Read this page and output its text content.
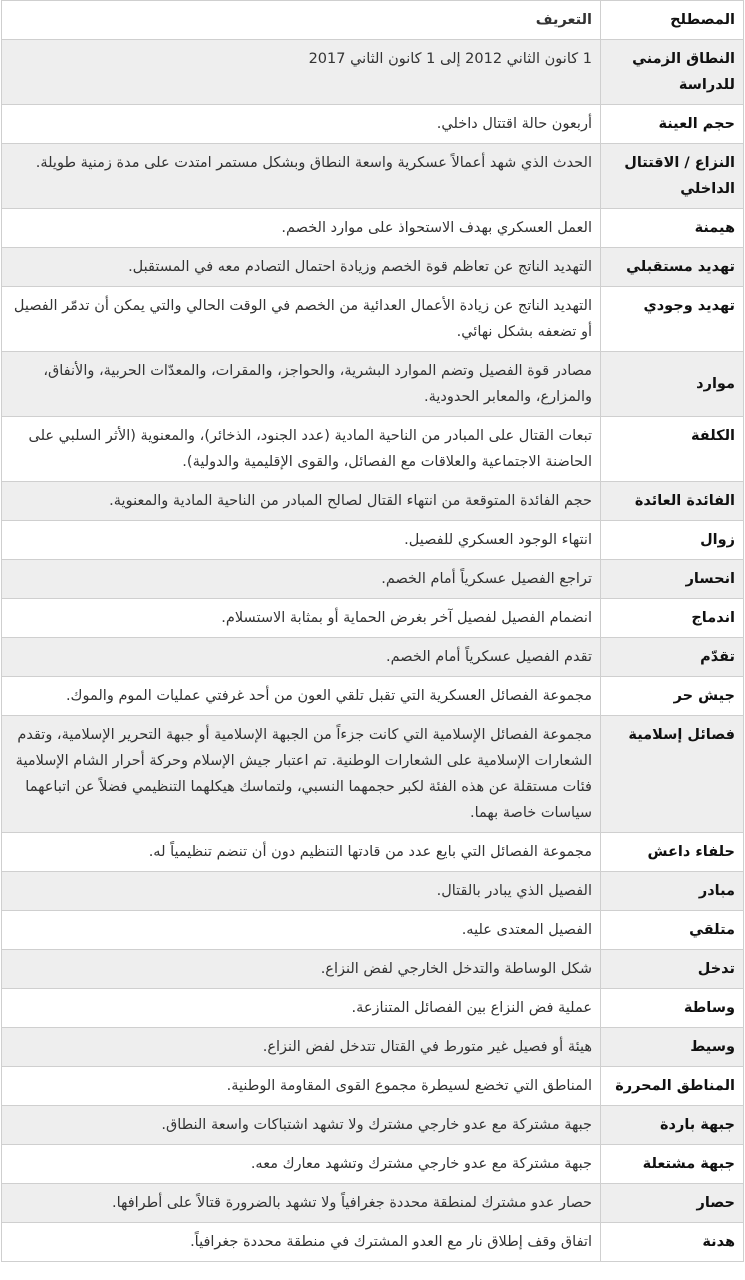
المصطلح	التعريف
النطاق الزمني للدراسة	1 كانون الثاني 2012 إلى 1 كانون الثاني 2017
حجم العينة	أربعون حالة اقتتال داخلي.
النزاع / الاقتتال الداخلي	الحدث الذي شهد أعمالاً عسكرية واسعة النطاق وبشكل مستمر امتدت على مدة زمنية طويلة.
هيمنة	العمل العسكري بهدف الاستحواذ على موارد الخصم.
تهديد مستقبلي	التهديد الناتج عن تعاظم قوة الخصم وزيادة احتمال التصادم معه في المستقبل.
تهديد وجودي	التهديد الناتج عن زيادة الأعمال العدائية من الخصم في الوقت الحالي والتي يمكن أن تدمّر الفصيل أو تضعفه بشكل نهائي.
موارد	مصادر قوة الفصيل وتضم الموارد البشرية، والحواجز، والمقرات، والمعدّات الحربية، والأنفاق، والمزارع، والمعابر الحدودية.
الكلفة	تبعات القتال على المبادر من الناحية المادية (عدد الجنود، الذخائر)، والمعنوية (الأثر السلبي على الحاضنة الاجتماعية والعلاقات مع الفصائل، والقوى الإقليمية والدولية).
الفائدة العائدة	حجم الفائدة المتوقعة من انتهاء القتال لصالح المبادر من الناحية المادية والمعنوية.
زوال	انتهاء الوجود العسكري للفصيل.
انحسار	تراجع الفصيل عسكرياً أمام الخصم.
اندماج	انضمام الفصيل لفصيل آخر بغرض الحماية أو بمثابة الاستسلام.
تقدّم	تقدم الفصيل عسكرياً أمام الخصم.
جيش حر	مجموعة الفصائل العسكرية التي تقبل تلقي العون من أحد غرفتي عمليات الموم والموك.
فصائل إسلامية	مجموعة الفصائل الإسلامية التي كانت جزءاً من الجبهة الإسلامية أو جبهة التحرير الإسلامية، وتقدم الشعارات الإسلامية على الشعارات الوطنية. تم اعتبار جيش الإسلام وحركة أحرار الشام الإسلامية فئات مستقلة عن هذه الفئة لكبر حجمهما النسبي، ولتماسك هيكلهما التنظيمي فضلاً عن اتباعهما سياسات خاصة بهما.
حلفاء داعش	مجموعة الفصائل التي بايع عدد من قادتها التنظيم دون أن تنضم تنظيمياً له.
مبادر	الفصيل الذي يبادر بالقتال.
متلقي	الفصيل المعتدى عليه.
تدخل	شكل الوساطة والتدخل الخارجي لفض النزاع.
وساطة	عملية فض النزاع بين الفصائل المتنازعة.
وسيط	هيئة أو فصيل غير متورط في القتال تتدخل لفض النزاع.
المناطق المحررة	المناطق التي تخضع لسيطرة مجموع القوى المقاومة الوطنية.
جبهة باردة	جبهة مشتركة مع عدو خارجي مشترك ولا تشهد اشتباكات واسعة النطاق.
جبهة مشتعلة	جبهة مشتركة مع عدو خارجي مشترك وتشهد معارك معه.
حصار	حصار عدو مشترك لمنطقة محددة جغرافياً ولا تشهد بالضرورة قتالاً على أطرافها.
هدنة	اتفاق وقف إطلاق نار مع العدو المشترك في منطقة محددة جغرافياً.
